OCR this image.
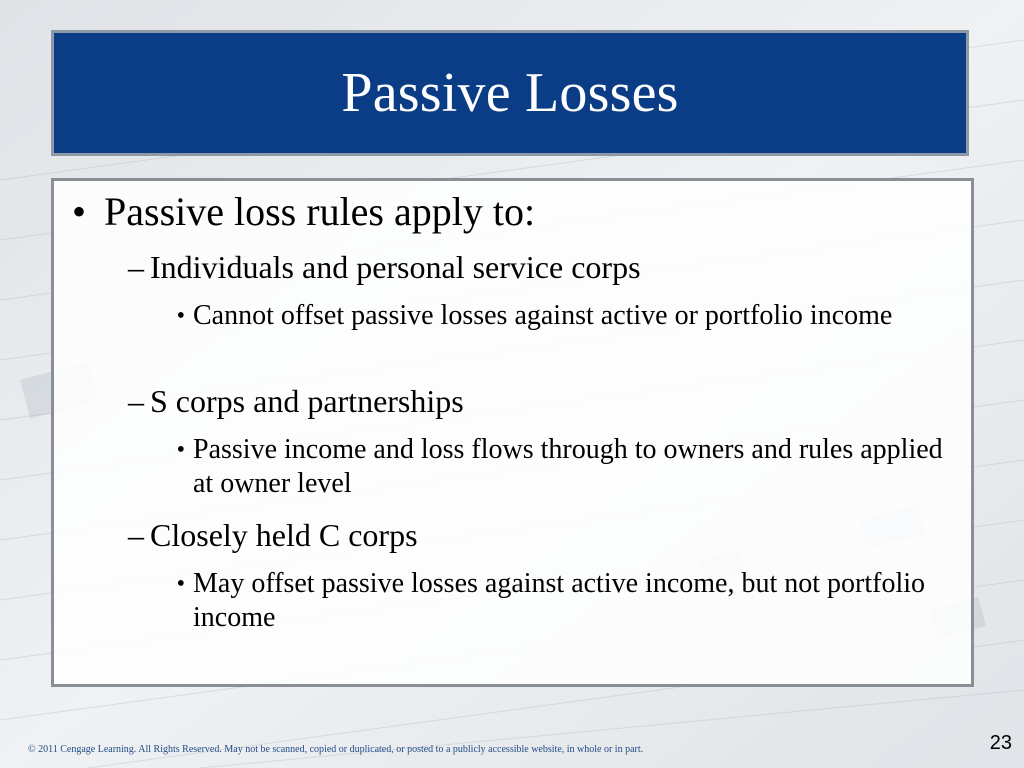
Passive Losses
• Passive loss rules apply to:
– Individuals and personal service corps
• Cannot offset passive losses against active or portfolio income
– S corps and partnerships
• Passive income and loss flows through to owners and rules applied at owner level
– Closely held C corps
• May offset passive losses against active income, but not portfolio income
© 2011 Cengage Learning. All Rights Reserved. May not be scanned, copied or duplicated, or posted to a publicly accessible website, in whole or in part.	23
